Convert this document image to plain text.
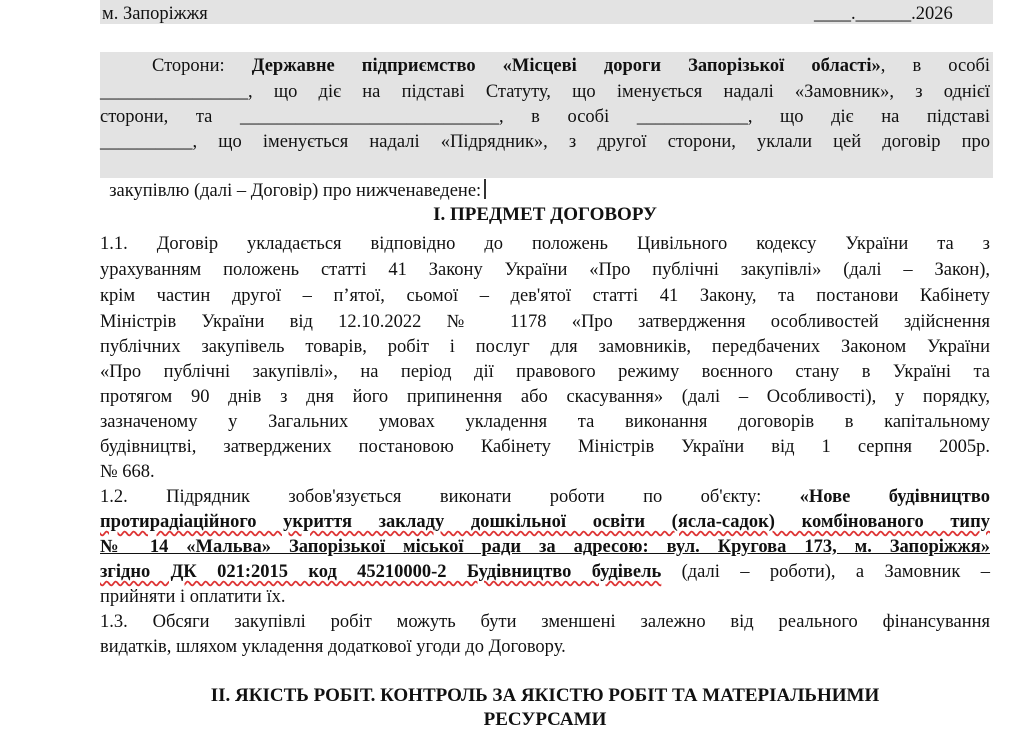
м. Запоріжжя	____.______.2026
Сторони: Державне підприємство «Місцеві дороги Запорізької області», в особі
________________, що діє на підставі Статуту, що іменується надалі «Замовник», з однієї
сторони, та ____________________________, в особі ____________, що діє на підставі
__________, що іменується надалі «Підрядник», з другої сторони, уклали цей договір про

закупівлю (далі – Договір) про нижченаведене:

I. ПРЕДМЕТ ДОГОВОРУ
1.1. Договір укладається відповідно до положень Цивільного кодексу України та з
урахуванням положень статті 41 Закону України «Про публічні закупівлі» (далі – Закон),
крім частин другої – п’ятої, сьомої – дев'ятої статті 41 Закону, та постанови Кабінету
Міністрів України від 12.10.2022 № 1178 «Про затвердження особливостей здійснення
публічних закупівель товарів, робіт і послуг для замовників, передбачених Законом України
«Про публічні закупівлі», на період дії правового режиму воєнного стану в Україні та
протягом 90 днів з дня його припинення або скасування» (далі – Особливості), у порядку,
зазначеному у Загальних умовах укладення та виконання договорів в капітальному
будівництві, затверджених постановою Кабінету Міністрів України від 1 серпня 2005р.
№ 668.
1.2. Підрядник зобов'язується виконати роботи по об'єкту: «Нове будівництво
протирадіаційного укриття закладу дошкільної освіти (ясла-садок) комбінованого типу
№ 14 «Мальва» Запорізької міської ради за адресою: вул. Кругова 173, м. Запоріжжя»
згідно ДК 021:2015 код 45210000-2 Будівництво будівель (далі – роботи), а Замовник –
прийняти і оплатити їх.
1.3. Обсяги закупівлі робіт можуть бути зменшені залежно від реального фінансування
видатків, шляхом укладення додаткової угоди до Договору.
II. ЯКІСТЬ РОБІТ. КОНТРОЛЬ ЗА ЯКІСТЮ РОБІТ ТА МАТЕРІАЛЬНИМИ
РЕСУРСАМИ
